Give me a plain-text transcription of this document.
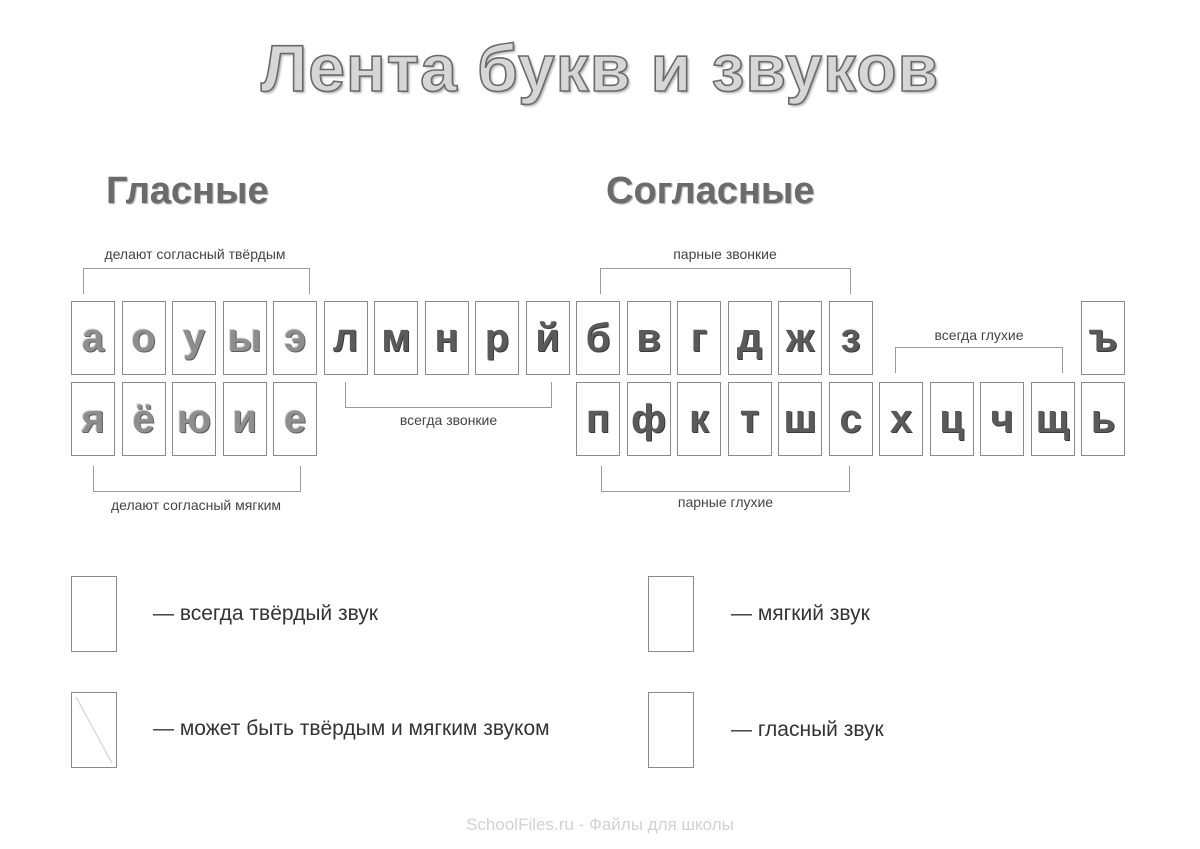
Лента букв и звуков
Гласные	Согласные
делают согласный твёрдым	парные звонкие
всегда глухие
а о у ы э
я ё ю и е
л м н р й б в г д ж з
п ф к т ш с х ц ч щ
ъ
ь
всегда звонкие
делают согласный мягким	парные глухие
— всегда твёрдый звук	— мягкий звук
— может быть твёрдым и мягким звуком	— гласный звук
SchoolFiles.ru - Файлы для школы
